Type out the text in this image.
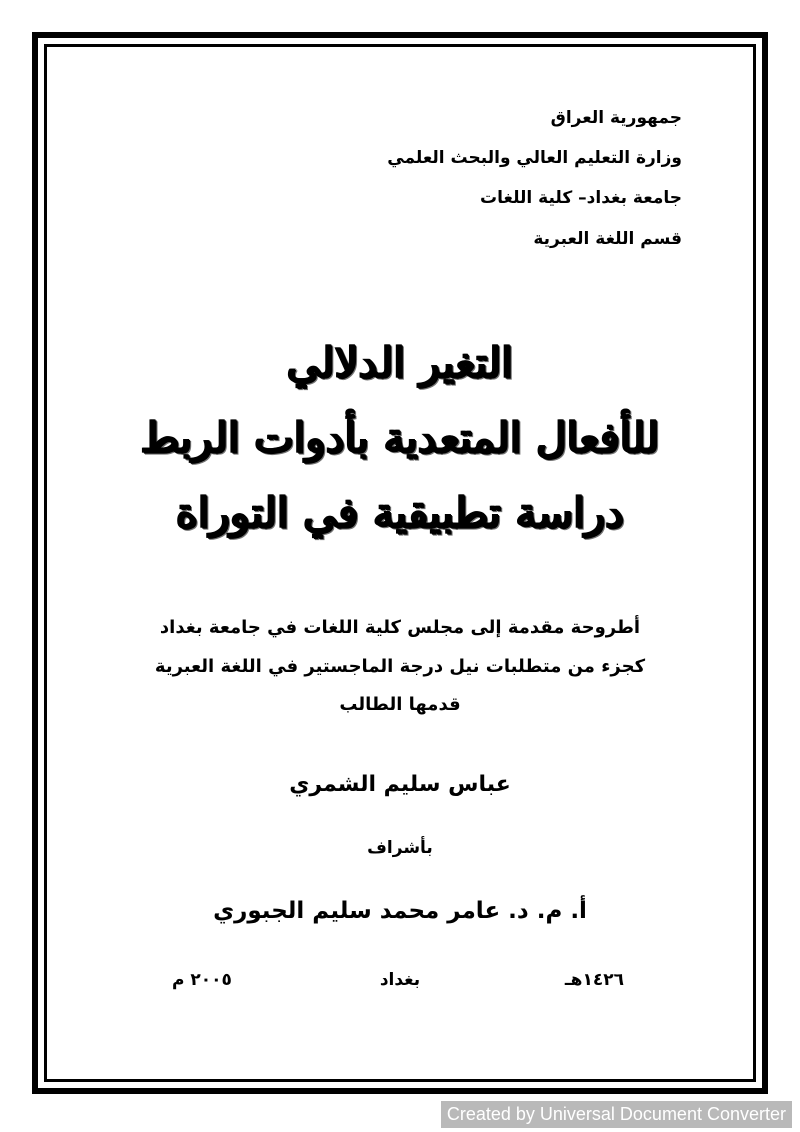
جمهورية العراق
وزارة التعليم العالي والبحث العلمي
جامعة بغداد– كلية اللغات
قسم اللغة العبرية
التغير الدلالي
للأفعال المتعدية بأدوات الربط
دراسة تطبيقية في التوراة
أطروحة مقدمة إلى مجلس كلية اللغات في جامعة بغداد
كجزء من متطلبات نيل درجة الماجستير في اللغة العبرية
قدمها الطالب
عباس سليم الشمري
بأشراف
أ. م. د. عامر محمد سليم الجبوري
١٤٢٦هـ
بغداد
٢٠٠٥ م
Created by Universal Document Converter
